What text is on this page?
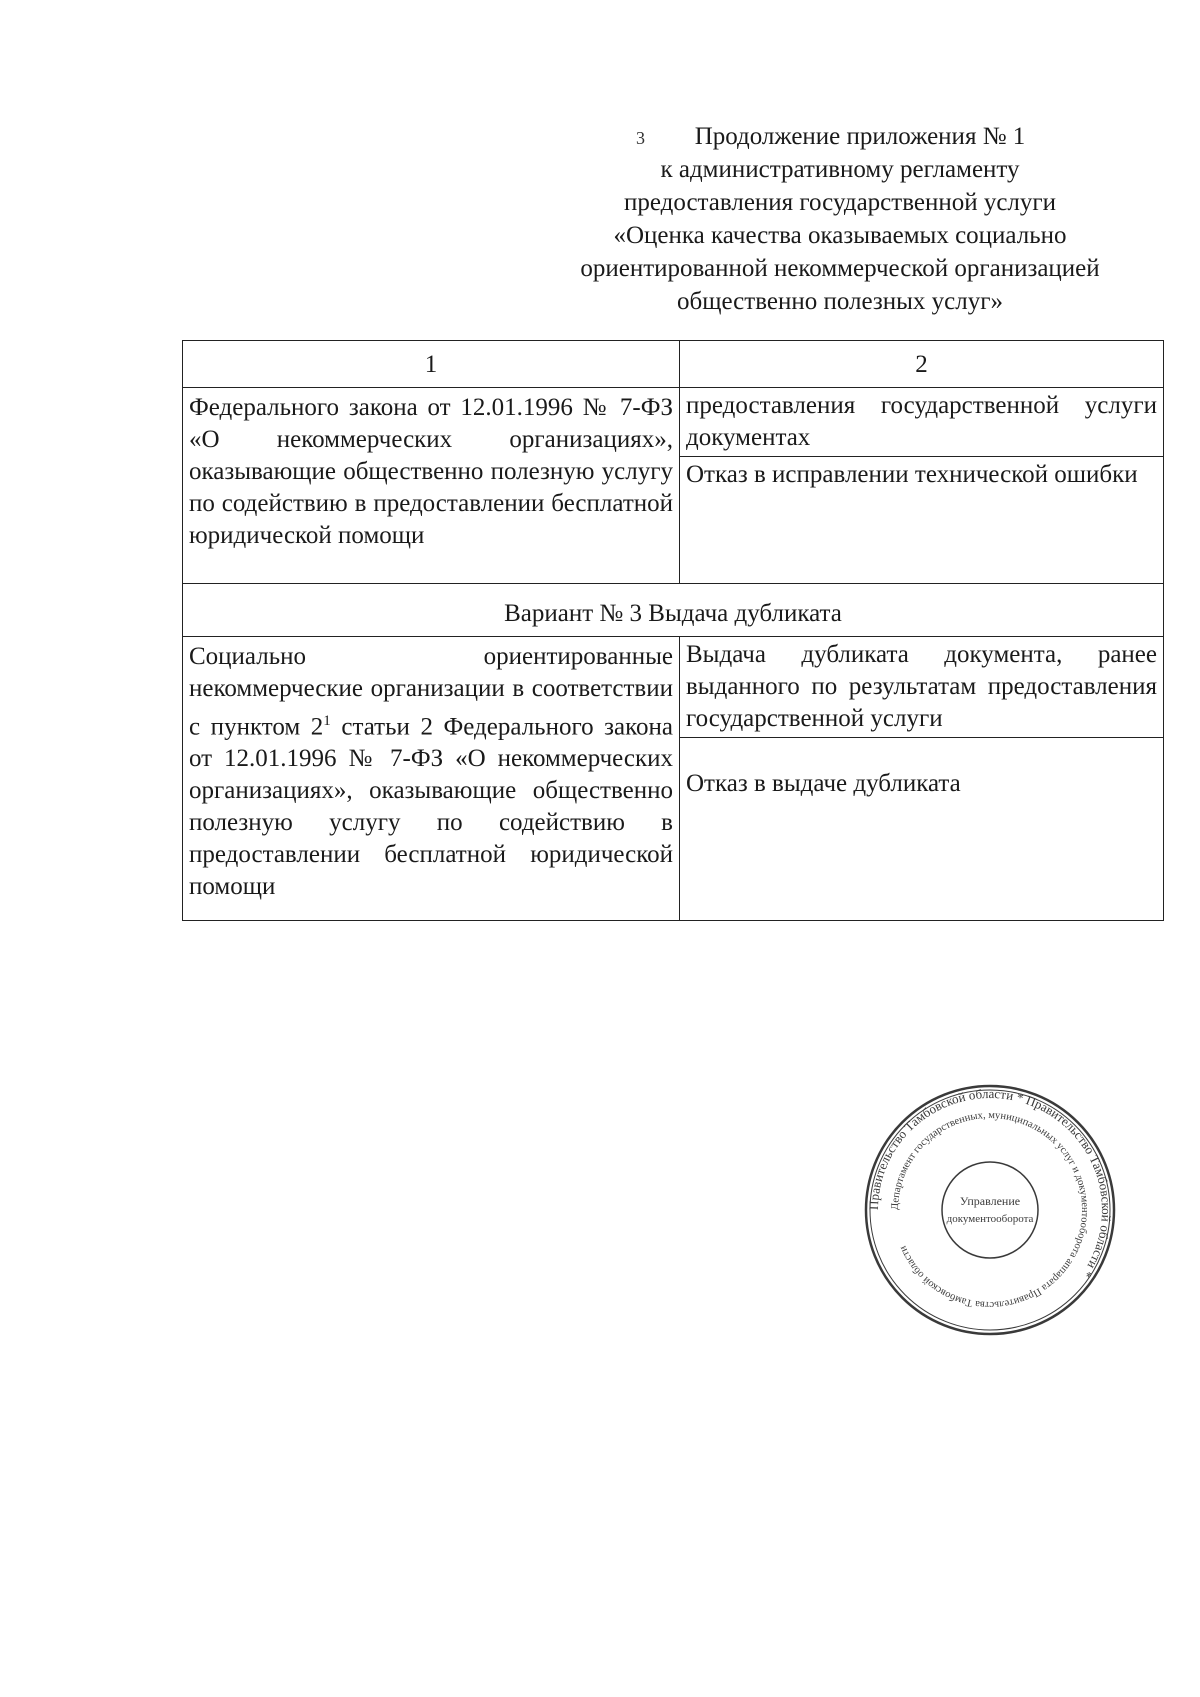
3	Продолжение приложения № 1
к административному регламенту
предоставления государственной услуги
«Оценка качества оказываемых социально
ориентированной некоммерческой организацией
общественно полезных услуг»
1	2
Федерального закона от 12.01.1996 № 7-ФЗ «О некоммерческих организациях», оказывающие общественно полезную услугу по содействию в предоставлении бесплатной юридической помощи	предоставления государственной услуги документах
	Отказ в исправлении технической ошибки
Вариант № 3 Выдача дубликата	
Социально ориентированные некоммерческие организации в соответствии с пунктом $2^1$ статьи 2 Федерального закона от 12.01.1996 № 7-ФЗ «О некоммерческих организациях», оказывающие общественно полезную услугу по содействию в предоставлении бесплатной юридической помощи	Выдача дубликата документа, ранее выданного по результатам предоставления государственной услуги
	Отказ в выдаче дубликата
Правительство Тамбовской области * Правительство Тамбовской области *
Департамент государственных, муниципальных услуг и документооборота аппарата Правительства Тамбовской области
Управление
документооборота
